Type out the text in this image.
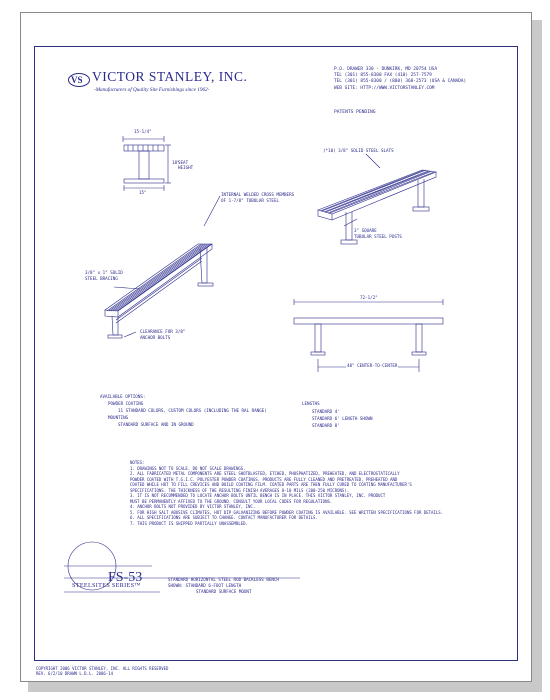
VS VICTOR STANLEY, INC.
-Manufacturers of Quality Site Furnishings since 1962-
P.O. DRAWER 330 - DUNKIRK, MD 20754 USA
TEL (301) 855-8300 FAX (410) 257-7579
TEL (301) 855-8300 / (800) 368-2573 (USA & CANADA)
WEB SITE: HTTP://WWW.VICTORSTANLEY.COM
PATENTS PENDING
15-1/4"
18"
SEAT
HEIGHT
15"	INTERNAL WELDED CROSS MEMBERS
OF 1-7/8" TUBULAR STEEL
(*10) 3/8" SOLID STEEL SLATS
3" SQUARE
TUBULAR STEEL POSTS
3/8" x 1" SOLID
STEEL BRACING
CLEARANCE FOR 3/8"
ANCHOR BOLTS
72-1/2"
48" CENTER-TO-CENTER
AVAILABLE OPTIONS:
POWDER COATING
11 STANDARD COLORS, CUSTOM COLORS (INCLUDING THE RAL RANGE)
MOUNTING
STANDARD SURFACE AND IN GROUND
LENGTHS
STANDARD 4'
STANDARD 6' LENGTH SHOWN
STANDARD 8'
NOTES:
1. DRAWINGS NOT TO SCALE. DO NOT SCALE DRAWINGS.
2. ALL FABRICATED METAL COMPONENTS ARE STEEL SHOTBLASTED, ETCHED, PHOSPHATIZED, PREHEATED, AND ELECTROSTATICALLY
POWDER COATED WITH T.G.I.C. POLYESTER POWDER COATINGS. PRODUCTS ARE FULLY CLEANED AND PRETREATED, PREHEATED AND
COATED WHILE HOT TO FILL CREVICES AND BUILD COATING FILM. COATED PARTS ARE THEN FULLY CURED TO COATING MANUFACTURER'S
SPECIFICATIONS. THE THICKNESS OF THE RESULTING FINISH AVERAGES 8-10 MILS (200-250 MICRONS).
3. IT IS NOT RECOMMENDED TO LOCATE ANCHOR BOLTS UNTIL BENCH IS IN PLACE. THIS VICTOR STANLEY, INC. PRODUCT
MUST BE PERMANENTLY AFFIXED TO THE GROUND. CONSULT YOUR LOCAL CODES FOR REGULATIONS.
4. ANCHOR BOLTS NOT PROVIDED BY VICTOR STANLEY, INC.
5. FOR HIGH SALT ABUSIVE CLIMATES, HOT DIP GALVANIZING BEFORE POWDER COATING IS AVAILABLE. SEE WRITTEN SPECIFICATIONS FOR DETAILS.
6. ALL SPECIFICATIONS ARE SUBJECT TO CHANGE. CONTACT MANUFACTURER FOR DETAILS.
7. THIS PRODUCT IS SHIPPED PARTIALLY UNASSEMBLED.
FS-53
STEELSITES SERIES™
STANDARD HORIZONTAL STEEL ROD BACKLESS BENCH
SHOWN: STANDARD 6-FOOT LENGTH
STANDARD SURFACE MOUNT
COPYRIGHT 2006 VICTOR STANLEY, INC. ALL RIGHTS RESERVED
REV. 6/2/10 DRAWN L.D.L. 2006-14
